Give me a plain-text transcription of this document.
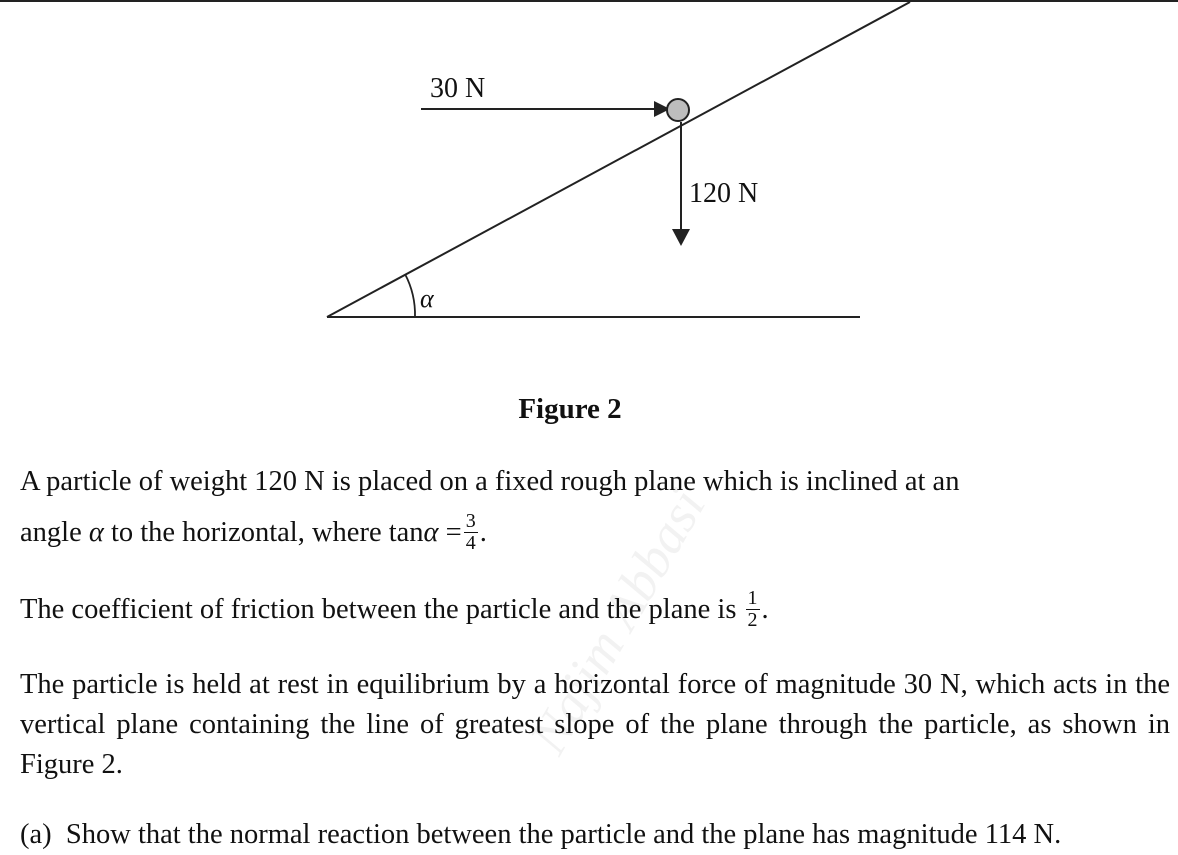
30 N
120 N
α
Figure 2
Najim Abbasi
A particle of weight 120 N is placed on a fixed rough plane which is inclined at an
angle α to the horizontal, where $\tan\alpha = \frac{3}{4}$ .
The coefficient of friction between the particle and the plane is $\frac{1}{2}$ .
The particle is held at rest in equilibrium by a horizontal force of magnitude 30 N, which acts in the vertical plane containing the line of greatest slope of the plane through the particle, as shown in Figure 2.
(a) Show that the normal reaction between the particle and the plane has magnitude 114 N.
